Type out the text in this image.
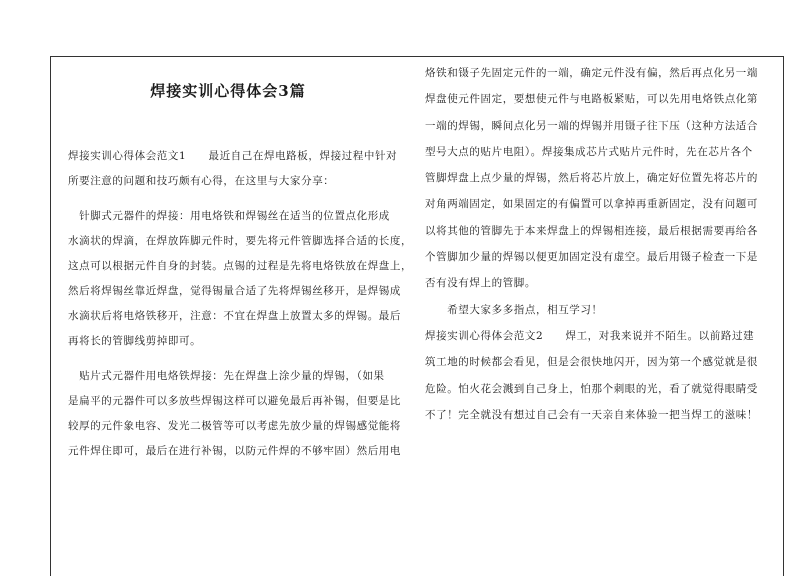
焊接实训心得体会3篇

焊接实训心得体会范文1　　最近自己在焊电路板，焊接过程中针对

所要注意的问题和技巧颇有心得，在这里与大家分享：

　针脚式元器件的焊接：用电烙铁和焊锡丝在适当的位置点化形成

水滴状的焊滴，在焊放阵脚元件时，要先将元件管脚选择合适的长度，

这点可以根据元件自身的封装。点锡的过程是先将电烙铁放在焊盘上，

然后将焊锡丝靠近焊盘，觉得锡量合适了先将焊锡丝移开，是焊锡成

水滴状后将电烙铁移开，注意：不宜在焊盘上放置太多的焊锡。最后

再将长的管脚线剪掉即可。

　贴片式元器件用电烙铁焊接：先在焊盘上涂少量的焊锡，（如果

是扁平的元器件可以多放些焊锡这样可以避免最后再补锡，但要是比

较厚的元件象电容、发光二极管等可以考虑先放少量的焊锡感觉能将

元件焊住即可，最后在进行补锡，以防元件焊的不够牢固）然后用电

烙铁和镊子先固定元件的一端，确定元件没有偏，然后再点化另一端

焊盘使元件固定，要想使元件与电路板紧贴，可以先用电烙铁点化第

一端的焊锡，瞬间点化另一端的焊锡并用镊子往下压（这种方法适合

型号大点的贴片电阻）。焊接集成芯片式贴片元件时，先在芯片各个

管脚焊盘上点少量的焊锡，然后将芯片放上，确定好位置先将芯片的

对角两端固定，如果固定的有偏置可以拿掉再重新固定，没有问题可

以将其他的管脚先于本来焊盘上的焊锡相连接，最后根据需要再给各

个管脚加少量的焊锡以便更加固定没有虚空。最后用镊子检查一下是

否有没有焊上的管脚。

　　希望大家多多指点，相互学习！

焊接实训心得体会范文2　　焊工，对我来说并不陌生。以前路过建

筑工地的时候都会看见，但是会很快地闪开，因为第一个感觉就是很

危险。怕火花会溅到自己身上，怕那个刺眼的光，看了就觉得眼睛受

不了！完全就没有想过自己会有一天亲自来体验一把当焊工的滋味！
